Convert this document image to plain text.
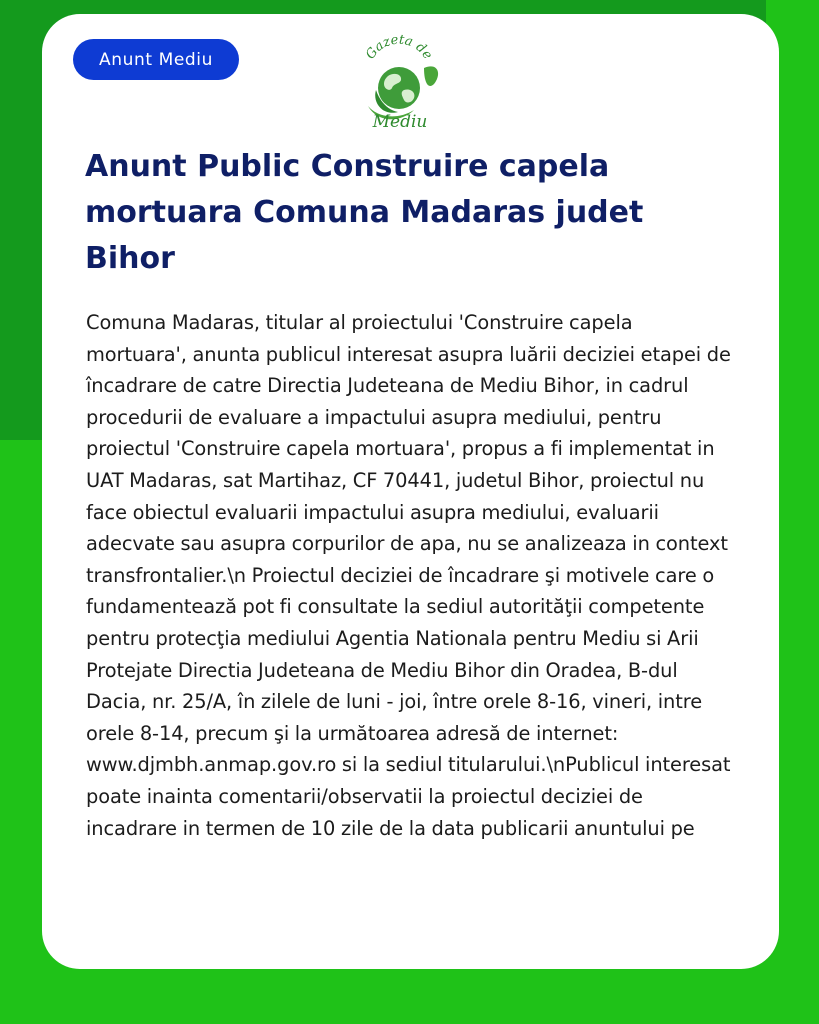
Anunt Mediu	Gazeta de
Mediu
Anunt Public Construire capela mortuara Comuna Madaras judet Bihor

Comuna Madaras, titular al proiectului 'Construire capela mortuara', anunta publicul interesat asupra luării deciziei etapei de încadrare de catre Directia Judeteana de Mediu Bihor, in cadrul procedurii de evaluare a impactului asupra mediului, pentru proiectul 'Construire capela mortuara', propus a fi implementat in UAT Madaras, sat Martihaz, CF 70441, judetul Bihor, proiectul nu face obiectul evaluarii impactului asupra mediului, evaluarii adecvate sau asupra corpurilor de apa, nu se analizeaza in context transfrontalier.\n Proiectul deciziei de încadrare şi motivele care o fundamentează pot fi consultate la sediul autorităţii competente pentru protecţia mediului Agentia Nationala pentru Mediu si Arii Protejate Directia Judeteana de Mediu Bihor din Oradea, B-dul Dacia, nr. 25/A, în zilele de luni - joi, între orele 8-16, vineri, intre orele 8-14, precum şi la următoarea adresă de internet: www.djmbh.anmap.gov.ro si la sediul titularului.\nPublicul interesat poate inainta comentarii/observatii la proiectul deciziei de incadrare in termen de 10 zile de la data publicarii anuntului pe
